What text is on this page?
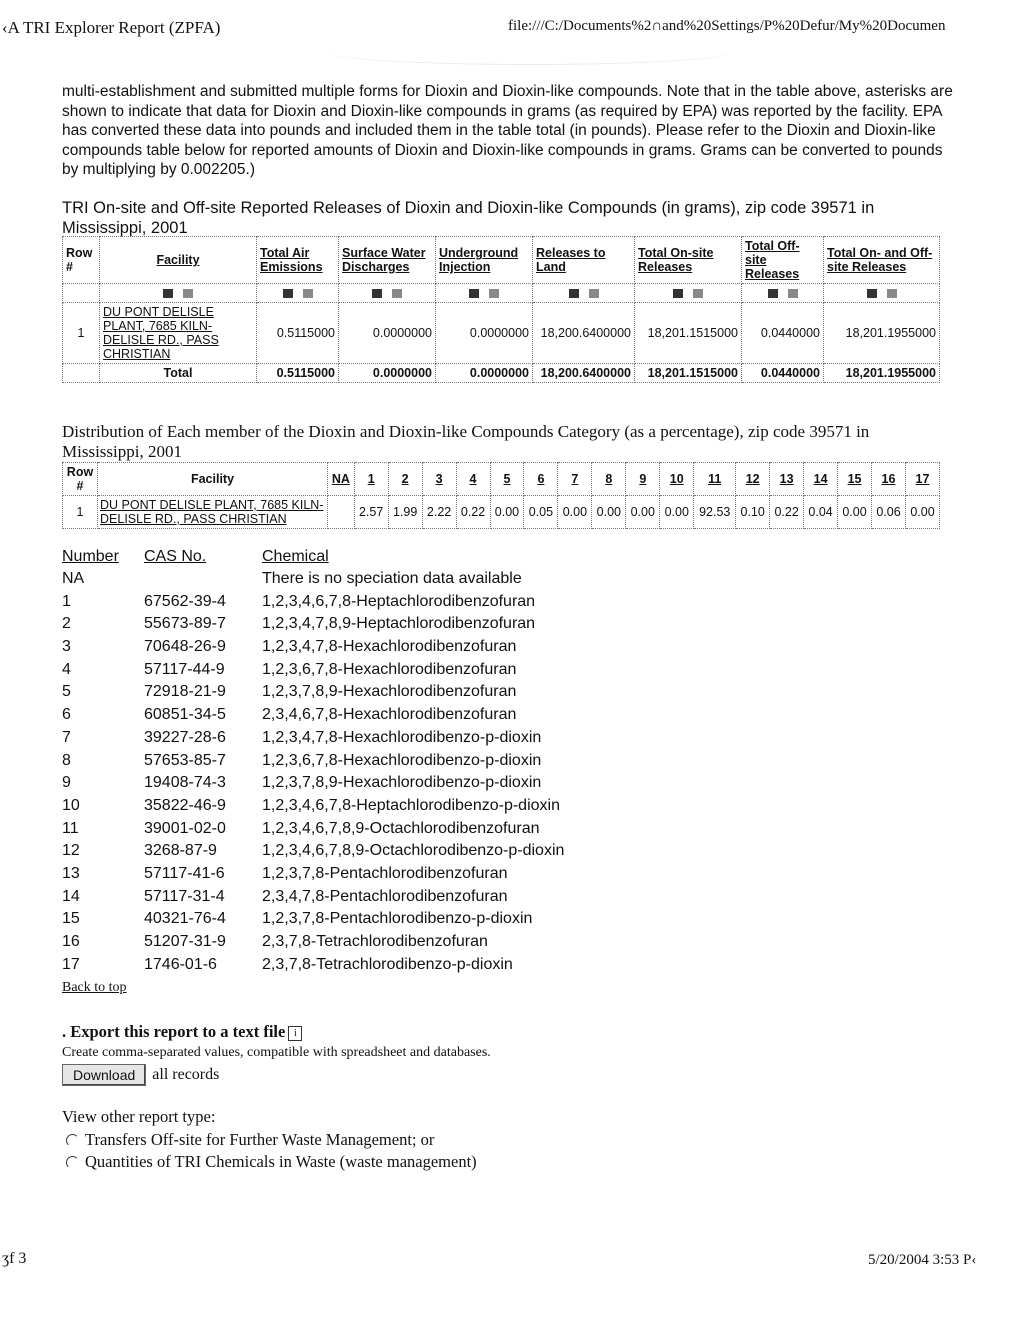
‹A TRI Explorer Report (ZPFA)	file:///C:/Documents%2∩and%20Settings/P%20Defur/My%20Documen

multi-establishment and submitted multiple forms for Dioxin and Dioxin-like compounds. Note that in the table above, asterisks are shown to indicate that data for Dioxin and Dioxin-like compounds in grams (as required by EPA) was reported by the facility. EPA has converted these data into pounds and included them in the table total (in pounds). Please refer to the Dioxin and Dioxin-like compounds table below for reported amounts of Dioxin and Dioxin-like compounds in grams. Grams can be converted to pounds by multiplying by 0.002205.)

TRI On-site and Off-site Reported Releases of Dioxin and Dioxin-like Compounds (in grams), zip code 39571 in Mississippi, 2001

Row #	Facility	Total Air Emissions	Surface Water Discharges	Underground Injection	Releases to Land	Total On-site Releases	Total Off-site Releases	Total On- and Off-site Releases

1	DU PONT DELISLE PLANT, 7685 KILN-DELISLE RD., PASS CHRISTIAN	0.5115000	0.0000000	0.0000000	18,200.6400000	18,201.1515000	0.0440000	18,201.1955000
	Total	0.5115000	0.0000000	0.0000000	18,200.6400000	18,201.1515000	0.0440000	18,201.1955000

Distribution of Each member of the Dioxin and Dioxin-like Compounds Category (as a percentage), zip code 39571 in Mississippi, 2001

Row #	Facility	NA	1	2	3	4	5	6	7	8	9	10	11	12	13	14	15	16	17
1	DU PONT DELISLE PLANT, 7685 KILN-DELISLE RD., PASS CHRISTIAN		2.57	1.99	2.22	0.22	0.00	0.05	0.00	0.00	0.00	0.00	92.53	0.10	0.22	0.04	0.00	0.06	0.00
Number	CAS No.	Chemical
NA		There is no speciation data available
1	67562-39-4	1,2,3,4,6,7,8-Heptachlorodibenzofuran
2	55673-89-7	1,2,3,4,7,8,9-Heptachlorodibenzofuran
3	70648-26-9	1,2,3,4,7,8-Hexachlorodibenzofuran
4	57117-44-9	1,2,3,6,7,8-Hexachlorodibenzofuran
5	72918-21-9	1,2,3,7,8,9-Hexachlorodibenzofuran
6	60851-34-5	2,3,4,6,7,8-Hexachlorodibenzofuran
7	39227-28-6	1,2,3,4,7,8-Hexachlorodibenzo-p-dioxin
8	57653-85-7	1,2,3,6,7,8-Hexachlorodibenzo-p-dioxin
9	19408-74-3	1,2,3,7,8,9-Hexachlorodibenzo-p-dioxin
10	35822-46-9	1,2,3,4,6,7,8-Heptachlorodibenzo-p-dioxin
11	39001-02-0	1,2,3,4,6,7,8,9-Octachlorodibenzofuran
12	3268-87-9	1,2,3,4,6,7,8,9-Octachlorodibenzo-p-dioxin
13	57117-41-6	1,2,3,7,8-Pentachlorodibenzofuran
14	57117-31-4	2,3,4,7,8-Pentachlorodibenzofuran
15	40321-76-4	1,2,3,7,8-Pentachlorodibenzo-p-dioxin
16	51207-31-9	2,3,7,8-Tetrachlorodibenzofuran
17	1746-01-6	2,3,7,8-Tetrachlorodibenzo-p-dioxin
Back to top
. Export this report to a text file i
Create comma-separated values, compatible with spreadsheet and databases.
Download	all records
View other report type:
Transfers Off-site for Further Waste Management; or
Quantities of TRI Chemicals in Waste (waste management)
ʒf 3	5/20/2004 3:53 P‹
